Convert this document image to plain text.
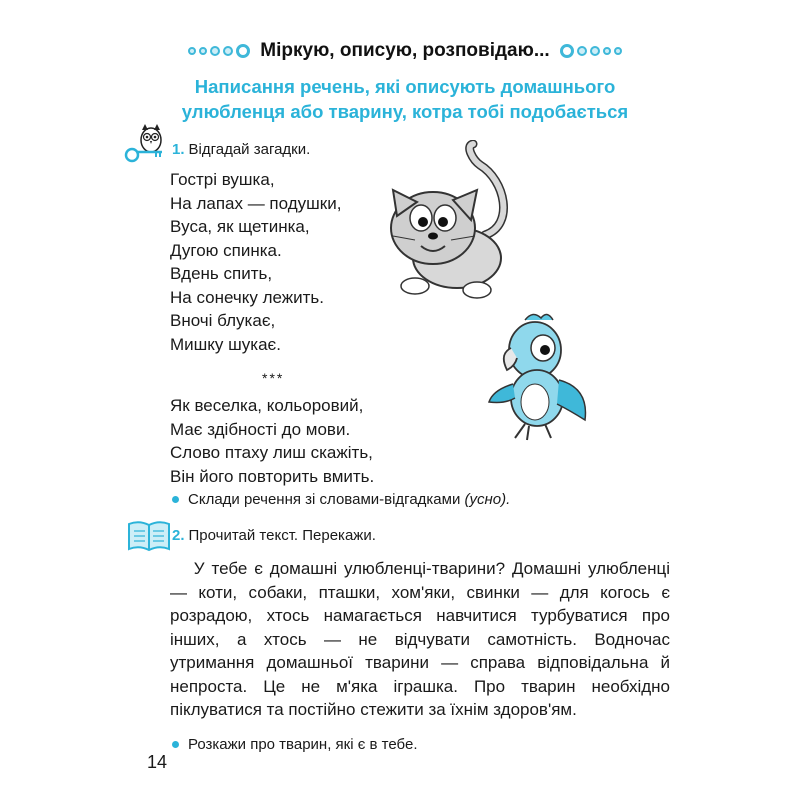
Міркую, описую, розповідаю...
Написання речень, які описують домашнього
улюбленця або тварину, котра тобі подобається
1. Відгадай загадки.
Гострі вушка,
На лапах — подушки,
Вуса, як щетинка,
Дугою спинка.
Вдень спить,
На сонечку лежить.
Вночі блукає,
Мишку шукає.
***
Як веселка, кольоровий,
Має здібності до мови.
Слово птаху лиш скажіть,
Він його повторить вмить.
Склади речення зі словами-відгадками
(усно).
2. Прочитай текст. Перекажи.
У тебе є домашні улюбленці-тварини? Домашні улюбленці — коти, собаки, пташки, хом'яки, свинки — для когось є розрадою, хтось намагається навчитися турбуватися про інших, а хтось — не відчувати самотність. Водночас утримання домашньої тварини — справа відповідальна й непроста. Це не м'яка іграшка. Про тварин необхідно піклуватися та постійно стежити за їхнім здоров'ям.
Розкажи про тварин, які є в тебе.
14
